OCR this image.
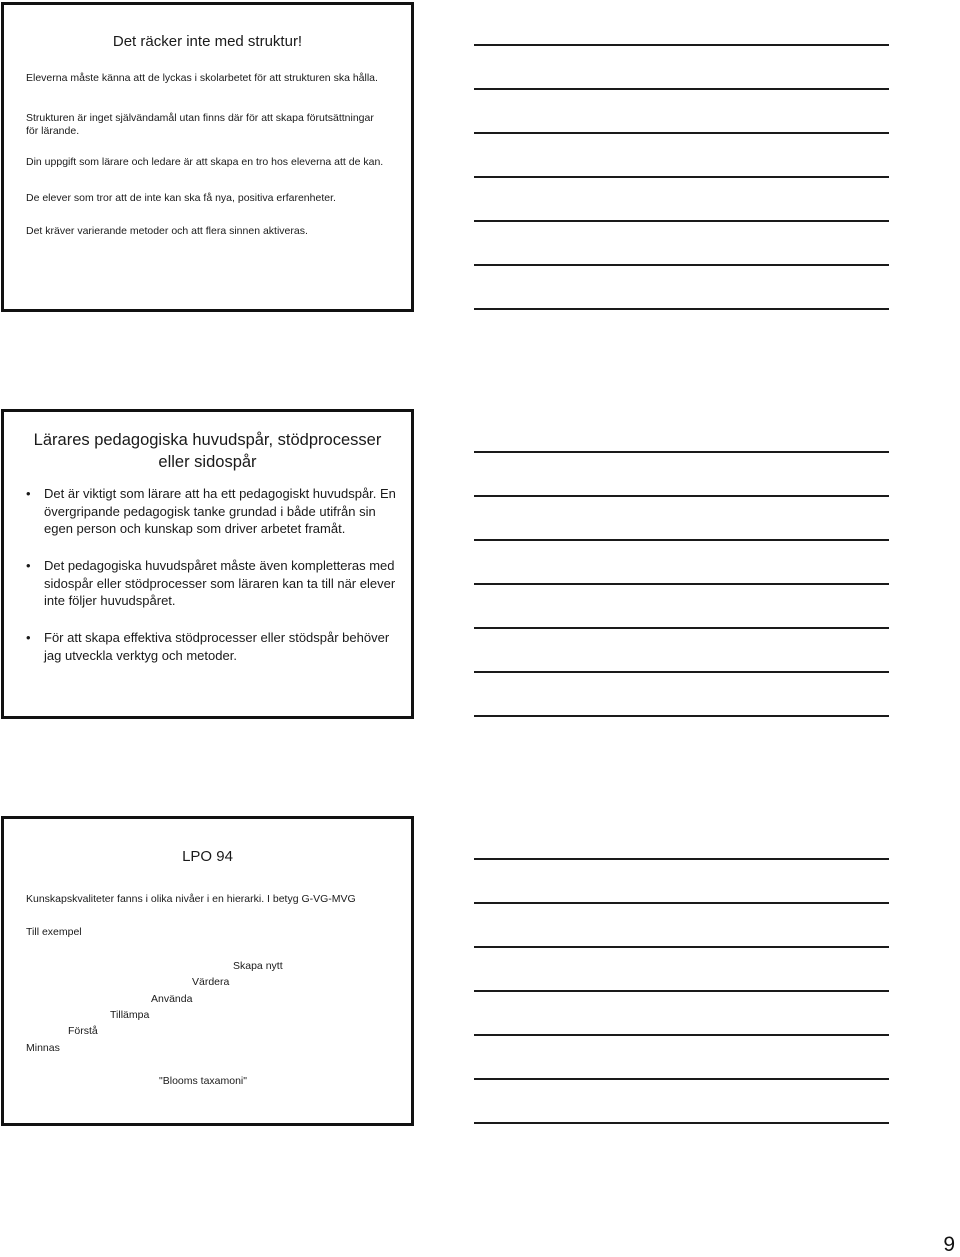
Det räcker inte med struktur!
Eleverna måste känna att de lyckas i skolarbetet för att strukturen ska hålla.
Strukturen är inget självändamål utan finns där för att skapa förutsättningar
för lärande.
Din uppgift som lärare och ledare är att skapa en tro hos eleverna att de kan.
De elever som tror att de inte kan ska få nya, positiva erfarenheter.
Det kräver varierande metoder och att flera sinnen aktiveras.
Lärares pedagogiska huvudspår, stödprocesser
eller sidospår
• Det är viktigt som lärare att ha ett pedagogiskt huvudspår. En övergripande pedagogisk tanke grundad i både utifrån sin egen person och kunskap som driver arbetet framåt.
• Det pedagogiska huvudspåret måste även kompletteras med sidospår eller stödprocesser som läraren kan ta till när elever inte följer huvudspåret.
• För att skapa effektiva stödprocesser eller stödspår behöver jag utveckla verktyg och metoder.
LPO 94
Kunskapskvaliteter fanns i olika nivåer i en hierarki. I betyg G-VG-MVG
Till exempel
Skapa nytt
Värdera
Använda
Tillämpa
Förstå
Minnas
"Blooms taxamoni"
9
